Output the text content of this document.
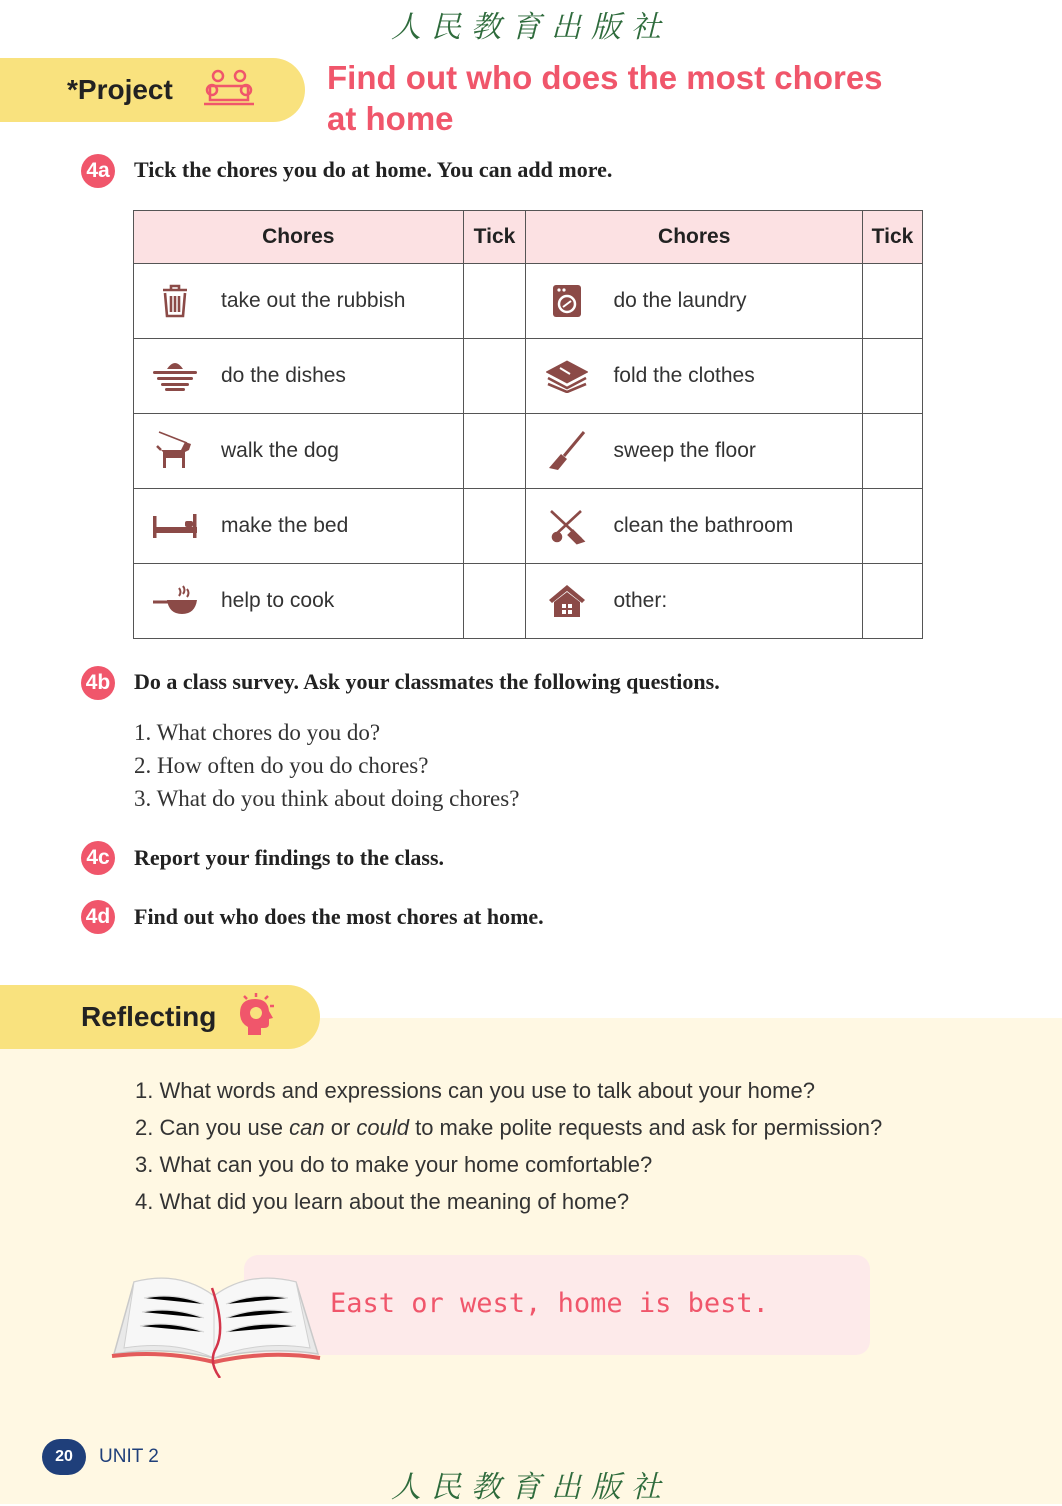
人民教育出版社
*Project	Find out who does the most chores
at home
4a Tick the chores you do at home. You can add more.
Chores	Tick	Chores	Tick

take out the rubbish		do the laundry	

do the dishes		fold the clothes	

walk the dog		sweep the floor	

make the bed		clean the bathroom	

help to cook		other:	

4b Do a class survey. Ask your classmates the following questions.
1. What chores do you do?
2. How often do you do chores?
3. What do you think about doing chores?
4c Report your findings to the class.
4d Find out who does the most chores at home.
Reflecting
1. What words and expressions can you use to talk about your home?
2. Can you use can or could to make polite requests and ask for permission?
3. What can you do to make your home comfortable?
4. What did you learn about the meaning of home?
East or west, home is best.
20	UNIT 2
人民教育出版社
